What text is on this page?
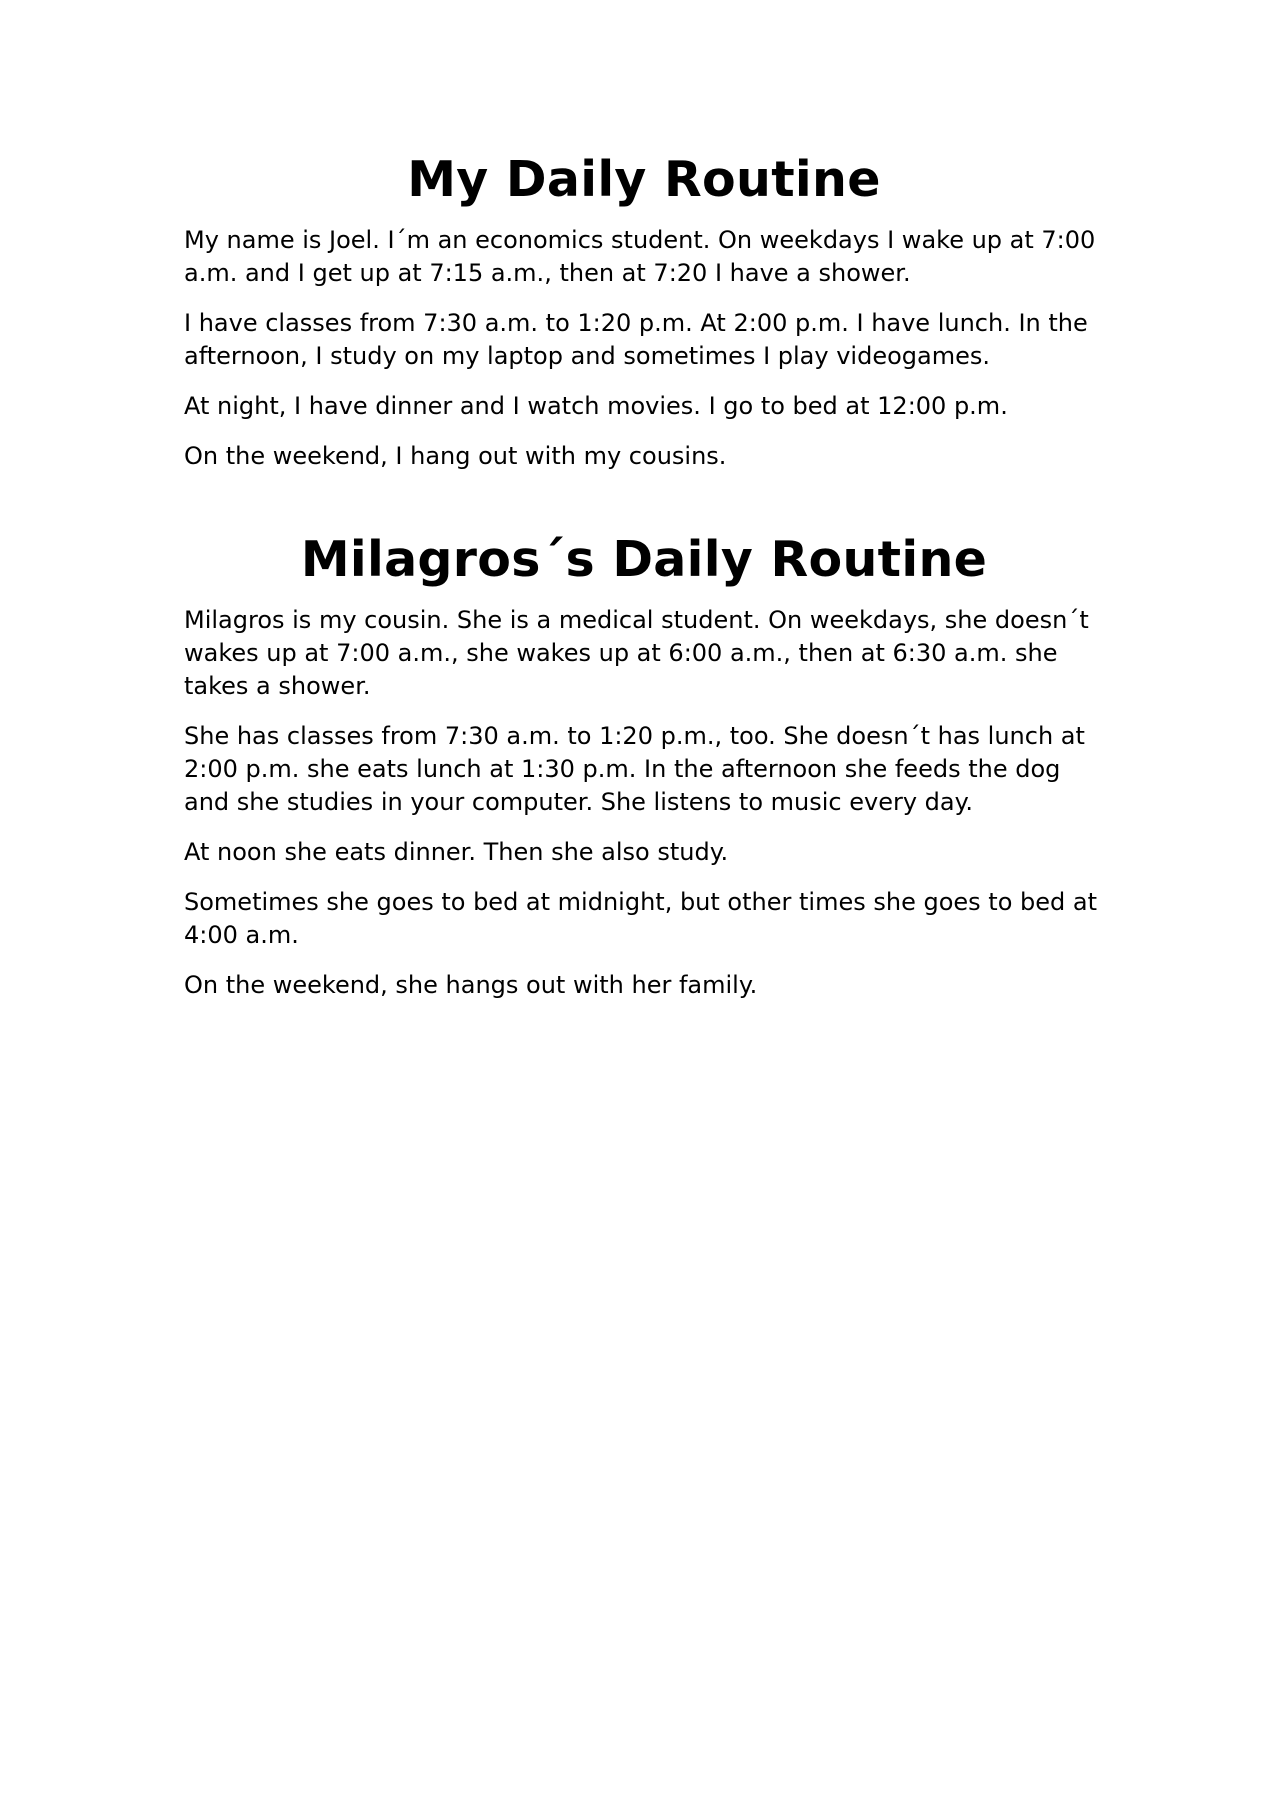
My Daily Routine

My name is Joel. I´m an economics student. On weekdays I wake up at 7:00 a.m. and I get up at 7:15 a.m., then at 7:20 I have a shower.

I have classes from 7:30 a.m. to 1:20 p.m. At 2:00 p.m. I have lunch. In the afternoon, I study on my laptop and sometimes I play videogames.

At night, I have dinner and I watch movies. I go to bed at 12:00 p.m.

On the weekend, I hang out with my cousins.

Milagros´s Daily Routine

Milagros is my cousin. She is a medical student. On weekdays, she doesn´t wakes up at 7:00 a.m., she wakes up at 6:00 a.m., then at 6:30 a.m. she takes a shower.

She has classes from 7:30 a.m. to 1:20 p.m., too. She doesn´t has lunch at 2:00 p.m. she eats lunch at 1:30 p.m. In the afternoon she feeds the dog and she studies in your computer. She listens to music every day.

At noon she eats dinner. Then she also study.

Sometimes she goes to bed at midnight, but other times she goes to bed at 4:00 a.m.

On the weekend, she hangs out with her family.
